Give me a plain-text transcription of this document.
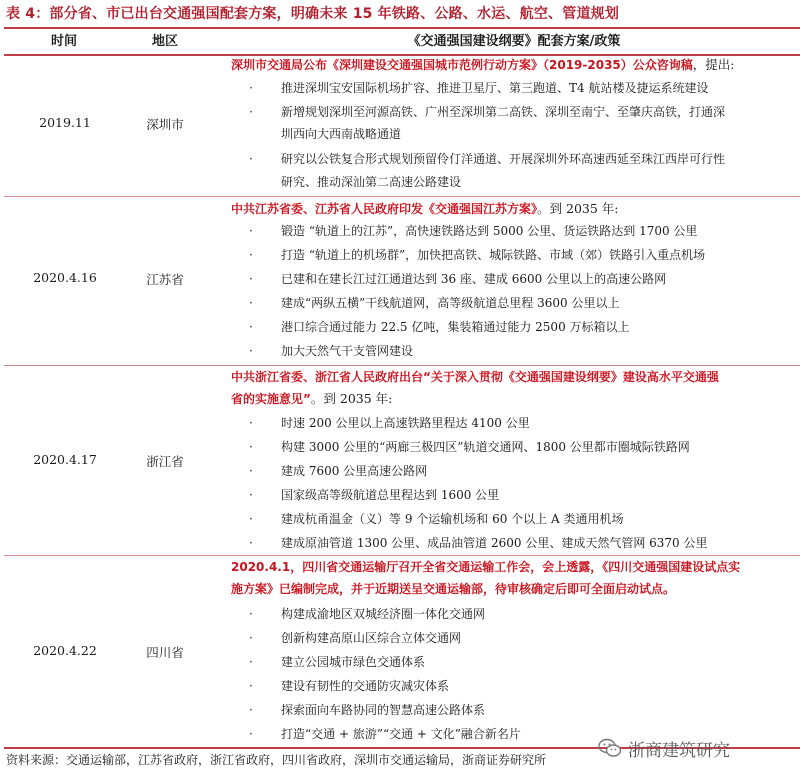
表 4：部分省、市已出台交通强国配套方案，明确未来 15 年铁路、公路、水运、航空、管道规划
时间	地区	《交通强国建设纲要》配套方案/政策
2019.11	深圳市
深圳市交通局公布《深圳建设交通强国城市范例行动方案》（2019-2035）公众咨询稿，提出:
· 推进深圳宝安国际机场扩容、推进卫星厅、第三跑道、T4 航站楼及捷运系统建设
· 新增规划深圳至河源高铁、广州至深圳第二高铁、深圳至南宁、至肇庆高铁，打通深
圳西向大西南战略通道
· 研究以公铁复合形式规划预留伶仃洋通道、开展深圳外环高速西延至珠江西岸可行性
研究、推动深汕第二高速公路建设
2020.4.16	江苏省
中共江苏省委、江苏省人民政府印发《交通强国江苏方案》。到 2035 年:
· 锻造 “轨道上的江苏”，高快速铁路达到 5000 公里、货运铁路达到 1700 公里
· 打造 “轨道上的机场群”，加快把高铁、城际铁路、市域（郊）铁路引入重点机场
· 已建和在建长江过江通道达到 36 座、建成 6600 公里以上的高速公路网
· 建成“两纵五横”干线航道网，高等级航道总里程 3600 公里以上
· 港口综合通过能力 22.5 亿吨，集装箱通过能力 2500 万标箱以上
· 加大天然气干支管网建设
2020.4.17	浙江省
中共浙江省委、浙江省人民政府出台“关于深入贯彻《交通强国建设纲要》建设高水平交通强
省的实施意见”。到 2035 年:
· 时速 200 公里以上高速铁路里程达 4100 公里
· 构建 3000 公里的“两廊三极四区”轨道交通网、1800 公里都市圈城际铁路网
· 建成 7600 公里高速公路网
· 国家级高等级航道总里程达到 1600 公里
· 建成杭甬温金（义）等 9 个运输机场和 60 个以上 A 类通用机场
· 建成原油管道 1300 公里、成品油管道 2600 公里、建成天然气管网 6370 公里
2020.4.22	四川省
2020.4.1，四川省交通运输厅召开全省交通运输工作会，会上透露，《四川交通强国建设试点实
施方案》已编制完成，并于近期送呈交通运输部，待审核确定后即可全面启动试点。
· 构建成渝地区双城经济圈一体化交通网
· 创新构建高原山区综合立体交通网
· 建立公园城市绿色交通体系
· 建设有韧性的交通防灾减灾体系
· 探索面向车路协同的智慧高速公路体系
· 打造“交通 + 旅游”“交通 + 文化”融合新名片
资料来源：交通运输部，江苏省政府，浙江省政府，四川省政府，深圳市交通运输局，浙商证券研究所	浙商建筑研究
